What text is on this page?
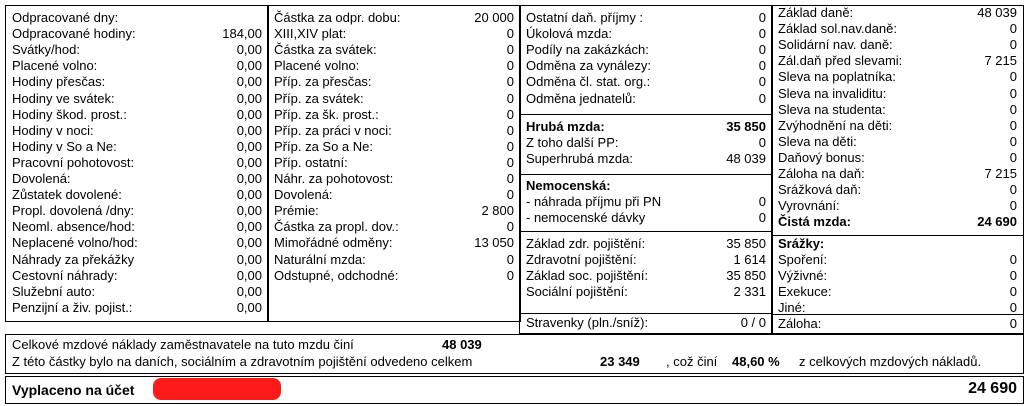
Odpracované dny:
Odpracované hodiny:	184,00
Svátky/hod:	0,00
Placené volno:	0,00
Hodiny přesčas:	0,00
Hodiny ve svátek:	0,00
Hodiny škod. prost.:	0,00
Hodiny v noci:	0,00
Hodiny v So a Ne:	0,00
Pracovní pohotovost:	0,00
Dovolená:	0,00
Zůstatek dovolené:	0,00
Propl. dovolená /dny:	0,00
Neoml. absence/hod:	0,00
Neplacené volno/hod:	0,00
Náhrady za překážky	0,00
Cestovní náhrady:	0,00
Služební auto:	0,00
Penzijní a živ. pojist.:	0,00
Částka za odpr. dobu:	20 000
XIII,XIV plat:	0
Částka za svátek:	0
Placené volno:	0
Příp. za přesčas:	0
Příp. za svátek:	0
Příp. za šk. prost.:	0
Příp. za práci v noci:	0
Příp. za So a Ne:	0
Příp. ostatní:	0
Náhr. za pohotovost:	0
Dovolená:	0
Prémie:	2 800
Částka za propl. dov.:	0
Mimořádné odměny:	13 050
Naturální mzda:	0
Odstupné, odchodné:	0
Ostatní daň. příjmy :	0
Úkolová mzda:	0
Podíly na zakázkách:	0
Odměna za vynálezy:	0
Odměna čl. stat. org.:	0
Odměna jednatelů:	0
Hrubá mzda:	35 850
Z toho další PP:	0
Superhrubá mzda:	48 039
Nemocenská:
- náhrada příjmu při PN	0
- nemocenské dávky	0
Základ zdr. pojištění:	35 850
Zdravotní pojištění:	1 614
Základ soc. pojištění:	35 850
Sociální pojištění:	2 331
Stravenky (pln./sníž):	0 / 0
Základ daně:	48 039
Základ sol.nav.daně:	0
Solidární nav. daně:	0
Zál.daň před slevami:	7 215
Sleva na poplatníka:	0
Sleva na invaliditu:	0
Sleva na studenta:	0
Zvýhodnění na děti:	0
Sleva na děti:	0
Daňový bonus:	0
Záloha na daň:	7 215
Srážková daň:	0
Vyrovnání:	0
Čistá mzda:	24 690
Srážky:
Spoření:	0
Výživné:	0
Exekuce:	0
Jiné:	0
Záloha:	0
Celkové mzdové náklady zaměstnavatele na tuto mzdu činí	48 039
Z této částky bylo na daních, sociálním a zdravotním pojištění odvedeno celkem	23 349 , což činí 48,60 % z celkových mzdových nákladů.
Vyplaceno na účet	24 690
